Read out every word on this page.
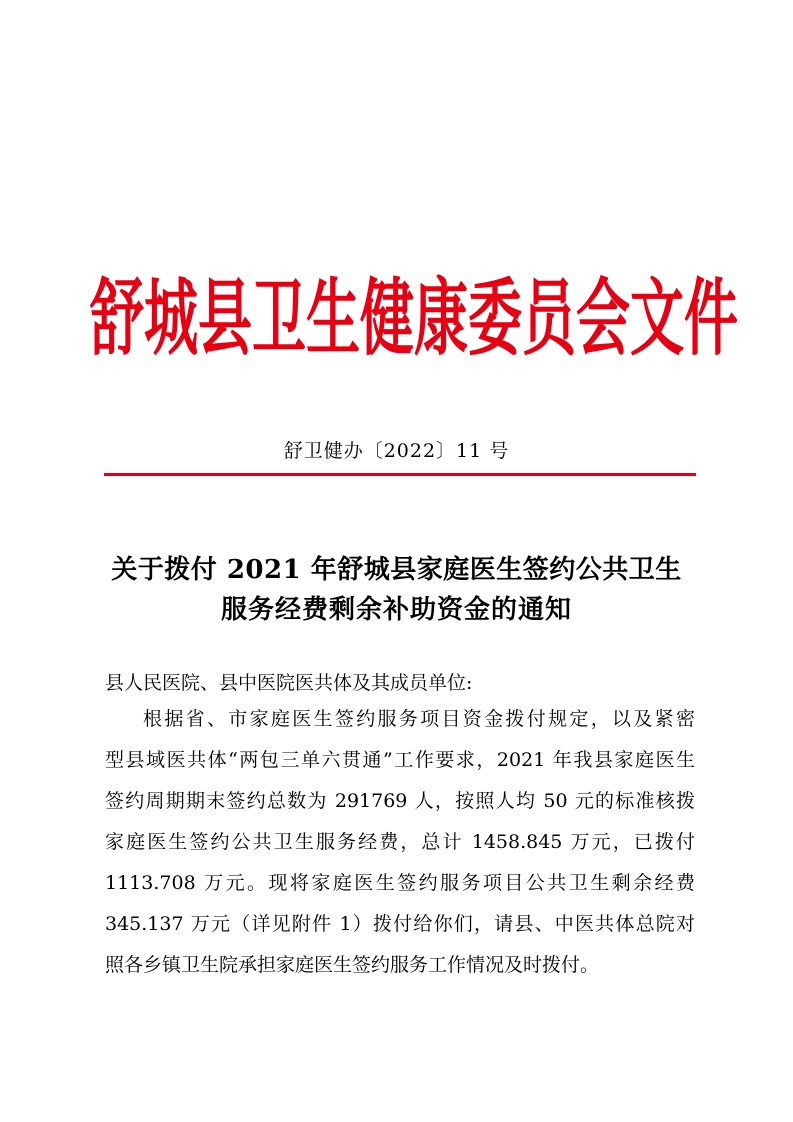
舒 城 县 卫 生 健 康 委 员 会 文 件
舒卫健办〔2022〕11 号
关于拨付 2021 年舒城县家庭医生签约公共卫生
服务经费剩余补助资金的通知
县人民医院、县中医院医共体及其成员单位:
根据省、市家庭医生签约服务项目资金拨付规定，以及紧密
型县域医共体“两包三单六贯通”工作要求，2021 年我县家庭医生
签约周期期末签约总数为 291769 人，按照人均 50 元的标准核拨
家庭医生签约公共卫生服务经费，总计 1458.845 万元，已拨付
1113.708 万元。现将家庭医生签约服务项目公共卫生剩余经费
345.137 万元（详见附件 1）拨付给你们，请县、中医共体总院对
照各乡镇卫生院承担家庭医生签约服务工作情况及时拨付。
